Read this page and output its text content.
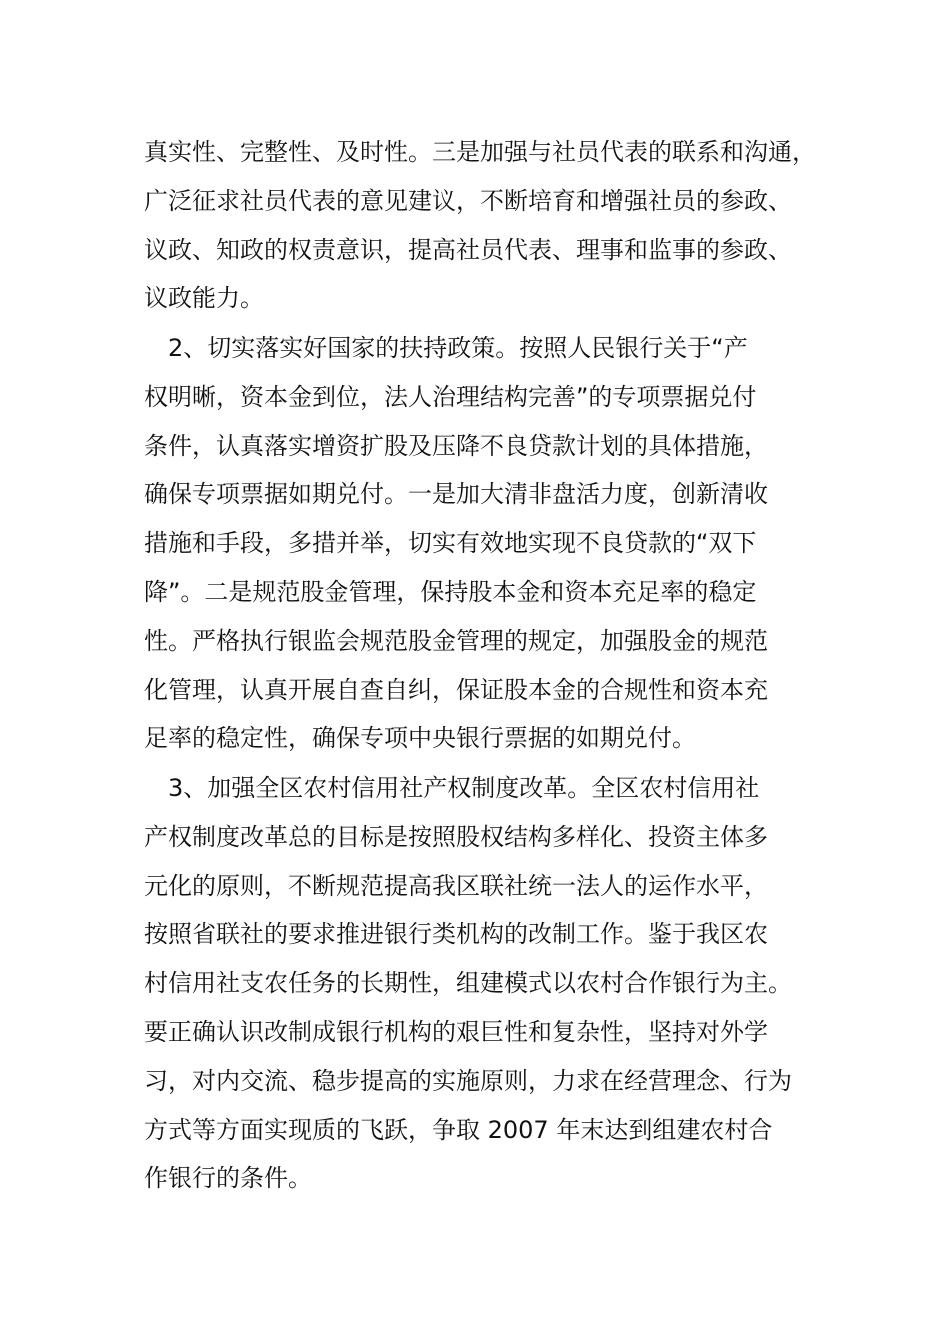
真实性、完整性、及时性。三是加强与社员代表的联系和沟通，
广泛征求社员代表的意见建议，不断培育和增强社员的参政、
议政、知政的权责意识，提高社员代表、理事和监事的参政、
议政能力。
　2、切实落实好国家的扶持政策。按照人民银行关于“产
权明晰，资本金到位，法人治理结构完善”的专项票据兑付
条件，认真落实增资扩股及压降不良贷款计划的具体措施，
确保专项票据如期兑付。一是加大清非盘活力度，创新清收
措施和手段，多措并举，切实有效地实现不良贷款的“双下
降”。二是规范股金管理，保持股本金和资本充足率的稳定
性。严格执行银监会规范股金管理的规定，加强股金的规范
化管理，认真开展自查自纠，保证股本金的合规性和资本充
足率的稳定性，确保专项中央银行票据的如期兑付。
　3、加强全区农村信用社产权制度改革。全区农村信用社
产权制度改革总的目标是按照股权结构多样化、投资主体多
元化的原则，不断规范提高我区联社统一法人的运作水平，
按照省联社的要求推进银行类机构的改制工作。鉴于我区农
村信用社支农任务的长期性，组建模式以农村合作银行为主。
要正确认识改制成银行机构的艰巨性和复杂性，坚持对外学
习，对内交流、稳步提高的实施原则，力求在经营理念、行为
方式等方面实现质的飞跃，争取 2007 年末达到组建农村合
作银行的条件。
